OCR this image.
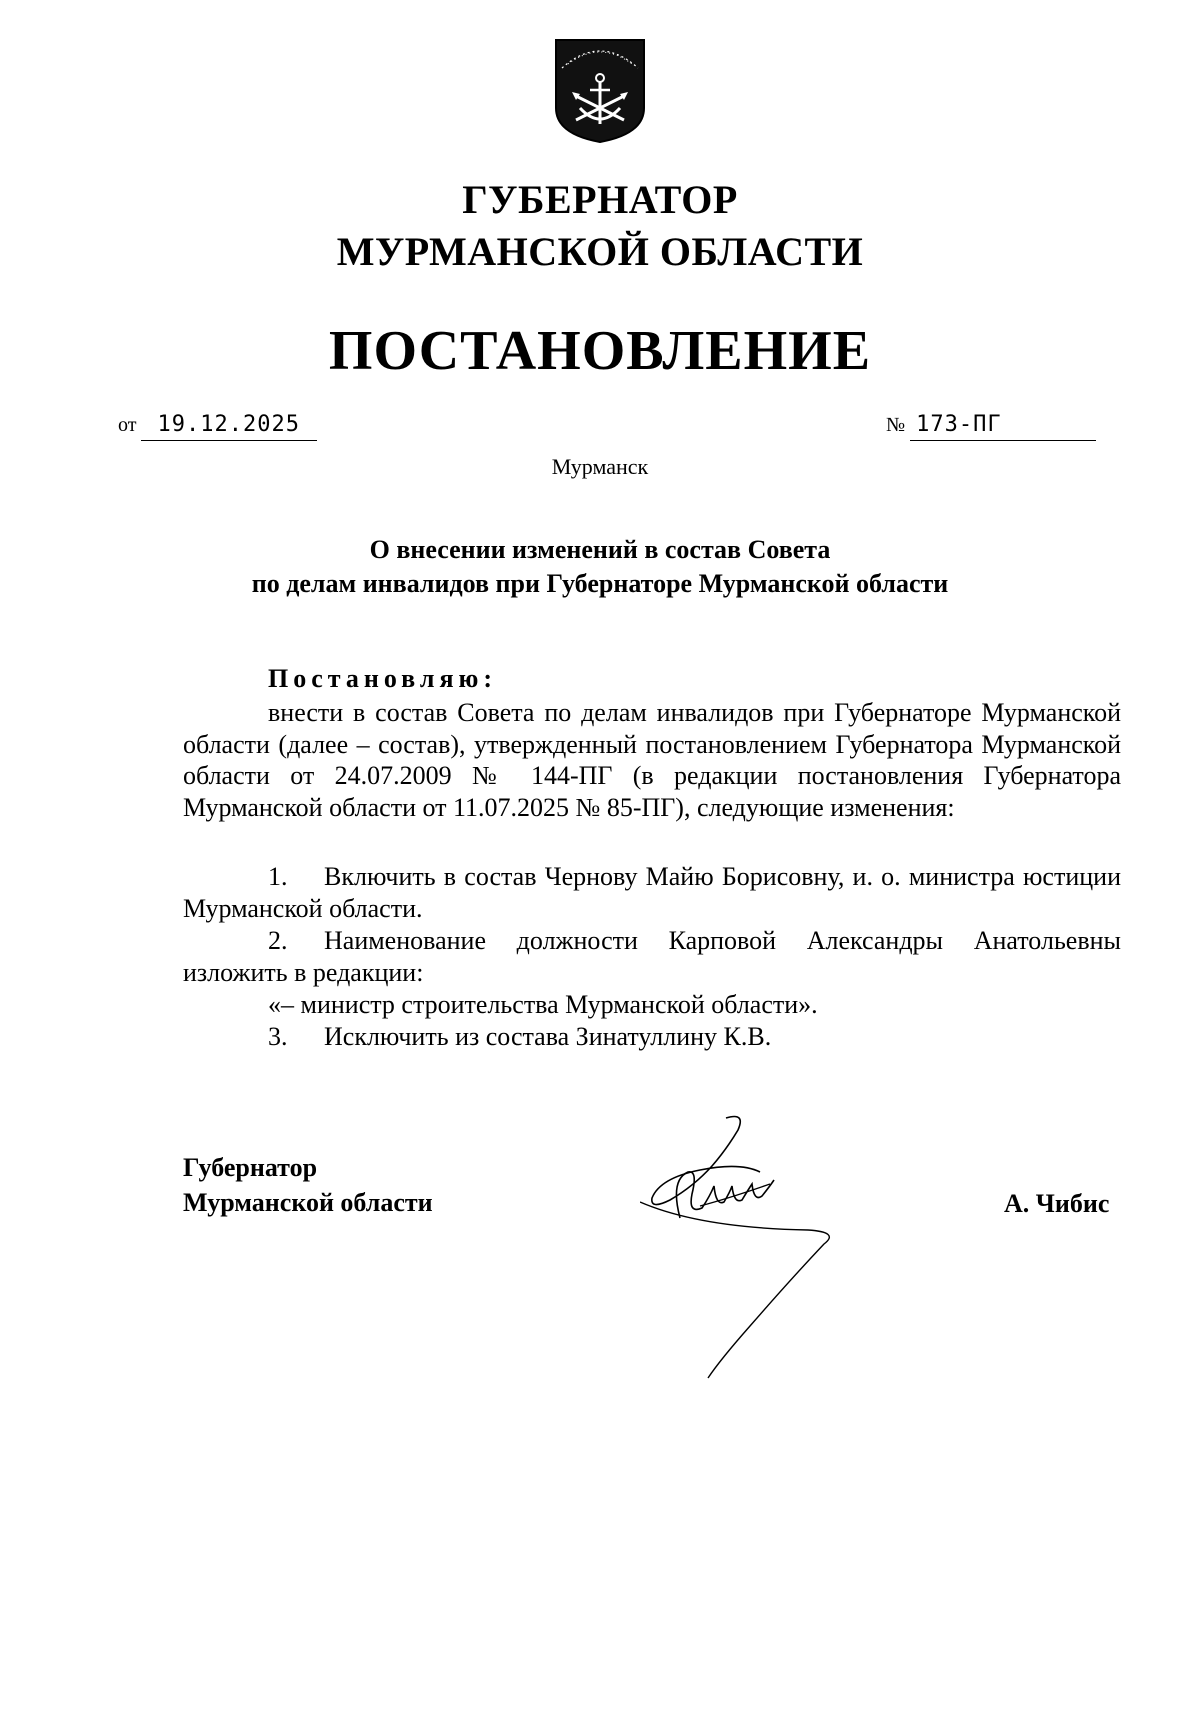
ГУБЕРНАТОР
МУРМАНСКОЙ ОБЛАСТИ
ПОСТАНОВЛЕНИЕ
от 19.12.2025	№ 173-ПГ
Мурманск
О внесении изменений в состав Совета
по делам инвалидов при Губернаторе Мурманской области
Постановляю:
внести в состав Совета по делам инвалидов при Губернаторе Мурманской области (далее – состав), утвержденный постановлением Губернатора Мурманской области от 24.07.2009 № 144-ПГ (в редакции постановления Губернатора Мурманской области от 11.07.2025 № 85-ПГ), следующие изменения:
1. Включить в состав Чернову Майю Борисовну, и. о. министра юстиции Мурманской области.
2. Наименование должности Карповой Александры Анатольевны изложить в редакции:
«– министр строительства Мурманской области».
3. Исключить из состава Зинатуллину К.В.
Губернатор
Мурманской области	А. Чибис
